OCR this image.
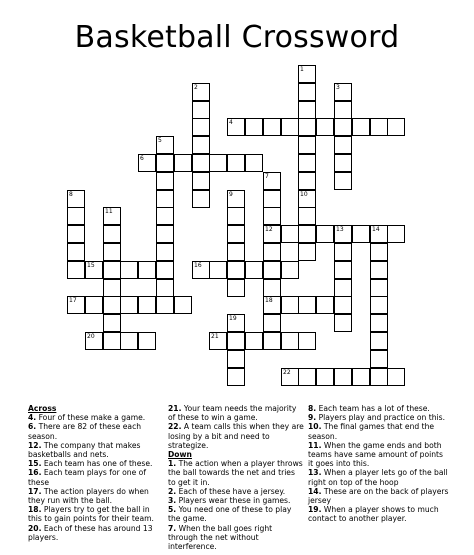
Basketball Crossword
1
2	3
4
5
6
7
12
18
8	9	10
11
13	14
15	16
17
19
20	21
22
Across
4. Four of these make a game.
6. There are 82 of these each season.
12. The company that makes basketballs and nets.
15. Each team has one of these.
16. Each team plays for one of these
17. The action players do when they run with the ball.
18. Players try to get the ball in this to gain points for their team.
20. Each of these has around 13 players.
21. Your team needs the majority of these to win a game.
22. A team calls this when they are losing by a bit and need to strategize.
Down
1. The action when a player throws the ball towards the net and tries to get it in.
2. Each of these have a jersey.
3. Players wear these in games.
5. You need one of these to play the game.
7. When the ball goes right through the net without interference.
8. Each team has a lot of these.
9. Players play and practice on this.
10. The final games that end the season.
11. When the game ends and both teams have same amount of points it goes into this.
13. When a player lets go of the ball right on top of the hoop
14. These are on the back of players jersey
19. When a player shows to much contact to another player.
